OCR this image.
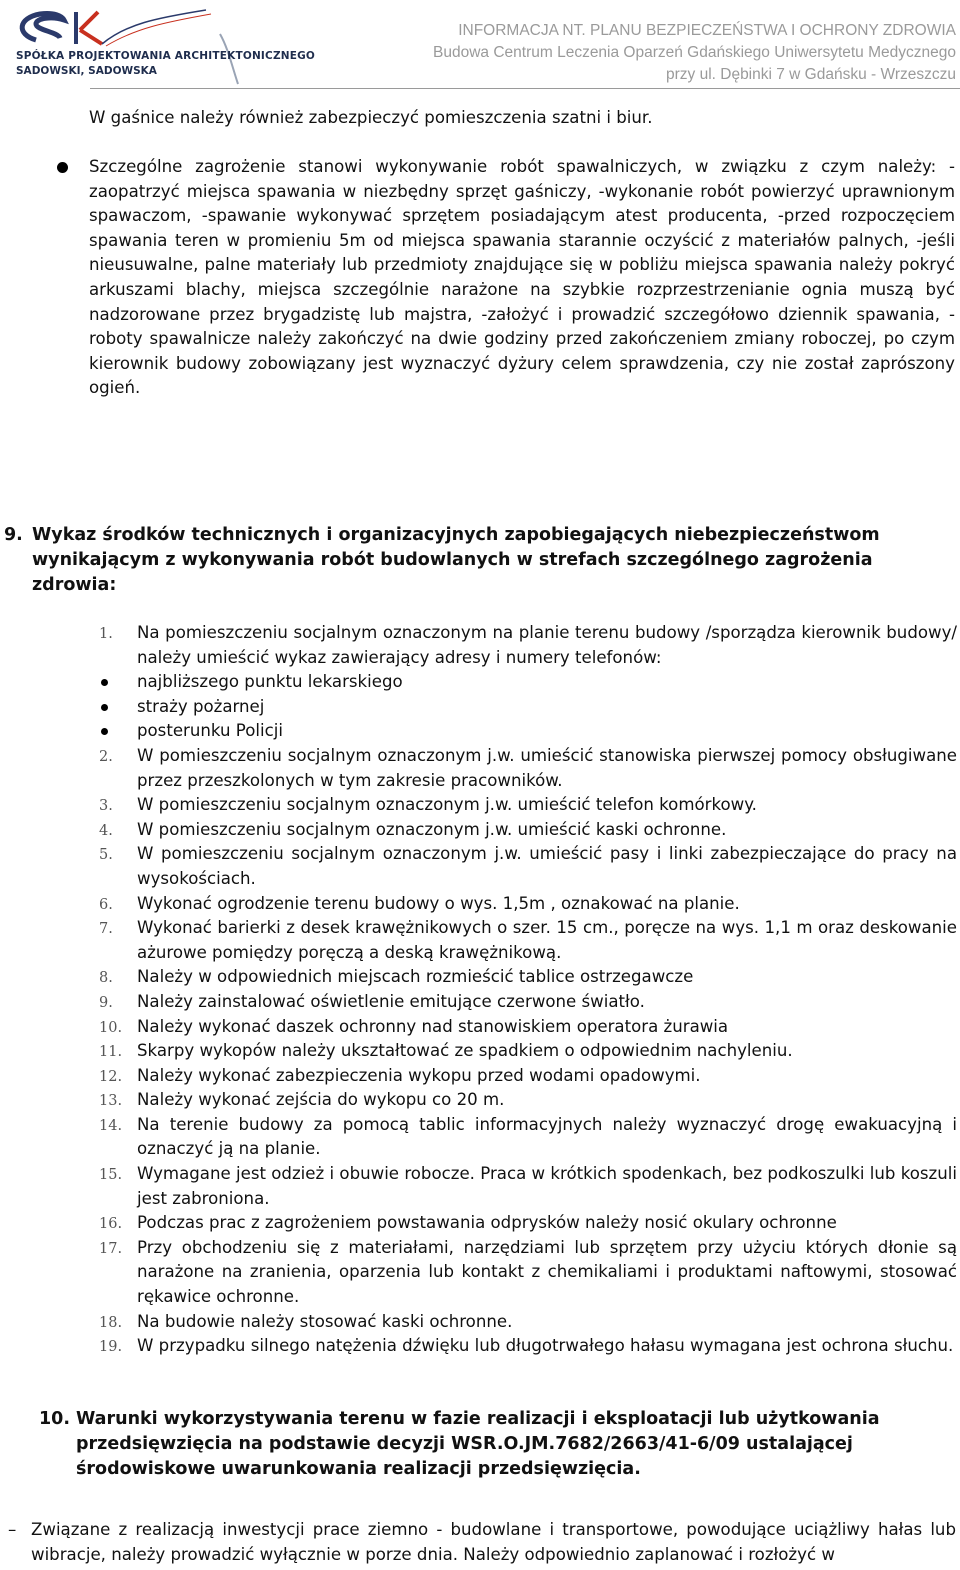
SPÓŁKA PROJEKTOWANIA ARCHITEKTONICZNEGO
SADOWSKI, SADOWSKA
INFORMACJA NT. PLANU BEZPIECZEŃSTWA I OCHRONY ZDROWIA
Budowa Centrum Leczenia Oparzeń Gdańskiego Uniwersytetu Medycznego
przy ul. Dębinki 7 w Gdańsku - Wrzeszczu
W gaśnice należy również zabezpieczyć pomieszczenia szatni i biur.
Szczególne zagrożenie stanowi wykonywanie robót spawalniczych, w związku z czym należy: -zaopatrzyć miejsca spawania w niezbędny sprzęt gaśniczy, -wykonanie robót powierzyć uprawnionym spawaczom, -spawanie wykonywać sprzętem posiadającym atest producenta, -przed rozpoczęciem spawania teren w promieniu 5m od miejsca spawania starannie oczyścić z materiałów palnych, -jeśli nieusuwalne, palne materiały lub przedmioty znajdujące się w pobliżu miejsca spawania należy pokryć arkuszami blachy, miejsca szczególnie narażone na szybkie rozprzestrzenianie ognia muszą być nadzorowane przez brygadzistę lub majstra, -założyć i prowadzić szczegółowo dziennik spawania, -roboty spawalnicze należy zakończyć na dwie godziny przed zakończeniem zmiany roboczej, po czym kierownik budowy zobowiązany jest wyznaczyć dyżury celem sprawdzenia, czy nie został zaprószony ogień.
9. Wykaz środków technicznych i organizacyjnych zapobiegających niebezpieczeństwom wynikającym z wykonywania robót budowlanych w strefach szczególnego zagrożenia zdrowia:
1. Na pomieszczeniu socjalnym oznaczonym na planie terenu budowy /sporządza kierownik budowy/ należy umieścić wykaz zawierający adresy i numery telefonów:
najbliższego punktu lekarskiego
straży pożarnej
posterunku Policji
2. W pomieszczeniu socjalnym oznaczonym j.w. umieścić stanowiska pierwszej pomocy obsługiwane przez przeszkolonych w tym zakresie pracowników.
3. W pomieszczeniu socjalnym oznaczonym j.w. umieścić telefon komórkowy.
4. W pomieszczeniu socjalnym oznaczonym j.w. umieścić kaski ochronne.
5. W pomieszczeniu socjalnym oznaczonym j.w. umieścić pasy i linki zabezpieczające do pracy na wysokościach.
6. Wykonać ogrodzenie terenu budowy o wys. 1,5m , oznakować na planie.
7. Wykonać barierki z desek krawężnikowych o szer. 15 cm., poręcze na wys. 1,1 m oraz deskowanie ażurowe pomiędzy poręczą a deską krawężnikową.
8. Należy w odpowiednich miejscach rozmieścić tablice ostrzegawcze
9. Należy zainstalować oświetlenie emitujące czerwone światło.
10. Należy wykonać daszek ochronny nad stanowiskiem operatora żurawia
11. Skarpy wykopów należy ukształtować ze spadkiem o odpowiednim nachyleniu.
12. Należy wykonać zabezpieczenia wykopu przed wodami opadowymi.
13. Należy wykonać zejścia do wykopu co 20 m.
14. Na terenie budowy za pomocą tablic informacyjnych należy wyznaczyć drogę ewakuacyjną i oznaczyć ją na planie.
15. Wymagane jest odzież i obuwie robocze. Praca w krótkich spodenkach, bez podkoszulki lub koszuli jest zabroniona.
16. Podczas prac z zagrożeniem powstawania odprysków należy nosić okulary ochronne
17. Przy obchodzeniu się z materiałami, narzędziami lub sprzętem przy użyciu których dłonie są narażone na zranienia, oparzenia lub kontakt z chemikaliami i produktami naftowymi, stosować rękawice ochronne.
18. Na budowie należy stosować kaski ochronne.
19. W przypadku silnego natężenia dźwięku lub długotrwałego hałasu wymagana jest ochrona słuchu.
10. Warunki wykorzystywania terenu w fazie realizacji i eksploatacji lub użytkowania przedsięwzięcia na podstawie decyzji WSR.O.JM.7682/2663/41-6/09 ustalającej środowiskowe uwarunkowania realizacji przedsięwzięcia.
– Związane z realizacją inwestycji prace ziemno - budowlane i transportowe, powodujące uciążliwy hałas lub wibracje, należy prowadzić wyłącznie w porze dnia. Należy odpowiednio zaplanować i rozłożyć w
